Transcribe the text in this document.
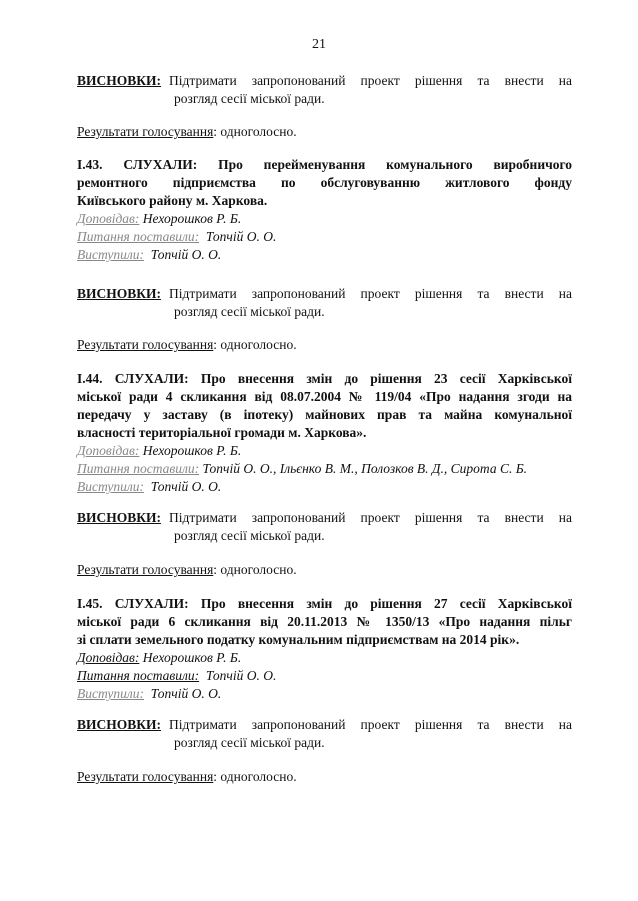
21
ВИСНОВКИ: Підтримати запропонований проект рішення та внести на
розгляд сесії міської ради.
Результати голосування: одноголосно.
І.43. СЛУХАЛИ: Про перейменування комунального виробничого
ремонтного підприємства по обслуговуванню житлового фонду
Київського району м. Харкова.
Доповідав: Нехорошков Р. Б.
Питання поставили: Топчій О. О.
Виступили: Топчій О. О.
ВИСНОВКИ: Підтримати запропонований проект рішення та внести на
розгляд сесії міської ради.
Результати голосування: одноголосно.
І.44. СЛУХАЛИ: Про внесення змін до рішення 23 сесії Харківської
міської ради 4 скликання від 08.07.2004 № 119/04 «Про надання згоди на
передачу у заставу (в іпотеку) майнових прав та майна комунальної
власності територіальної громади м. Харкова».
Доповідав: Нехорошков Р. Б.
Питання поставили: Топчій О. О., Ільєнко В. М., Полозков В. Д., Сирота С. Б.
Виступили: Топчій О. О.
ВИСНОВКИ: Підтримати запропонований проект рішення та внести на
розгляд сесії міської ради.
Результати голосування: одноголосно.
І.45. СЛУХАЛИ: Про внесення змін до рішення 27 сесії Харківської
міської ради 6 скликання від 20.11.2013 № 1350/13 «Про надання пільг
зі сплати земельного податку комунальним підприємствам на 2014 рік».
Доповідав: Нехорошков Р. Б.
Питання поставили: Топчій О. О.
Виступили: Топчій О. О.
ВИСНОВКИ: Підтримати запропонований проект рішення та внести на
розгляд сесії міської ради.
Результати голосування: одноголосно.
